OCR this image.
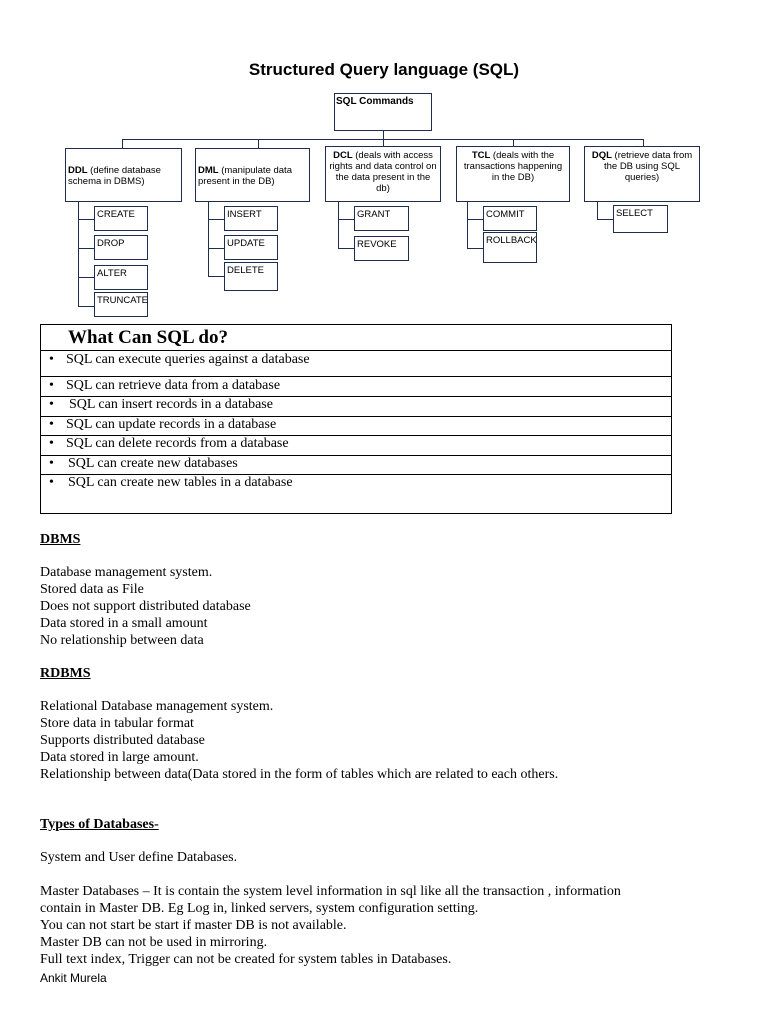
Structured Query language (SQL)
SQL Commands
DDL (define database schema in DBMS)
CREATE
DROP
ALTER
TRUNCATE
DML (manipulate data present in the DB)
INSERT
UPDATE
DELETE
DCL (deals with access rights and data control on the data present in the db)
GRANT
REVOKE
TCL (deals with the transactions happening in the DB)
COMMIT
ROLLBACK
DQL (retrieve data from the DB using SQL queries)
SELECT
What Can SQL do?
• SQL can execute queries against a database
• SQL can retrieve data from a database
• SQL can insert records in a database
• SQL can update records in a database
• SQL can delete records from a database
• SQL can create new databases
• SQL can create new tables in a database
DBMS
Database management system.
Stored data as File
Does not support distributed database
Data stored in a small amount
No relationship between data
RDBMS
Relational Database management system.
Store data in tabular format
Supports distributed database
Data stored in large amount.
Relationship between data(Data stored in the form of tables which are related to each others.
Types of Databases-
System and User define Databases.
Master Databases – It is contain the system level information in sql like all the transaction , information
contain in Master DB. Eg Log in, linked servers, system configuration setting.
You can not start be start if master DB is not available.
Master DB can not be used in mirroring.
Full text index, Trigger can not be created for system tables in Databases.
Ankit Murela
